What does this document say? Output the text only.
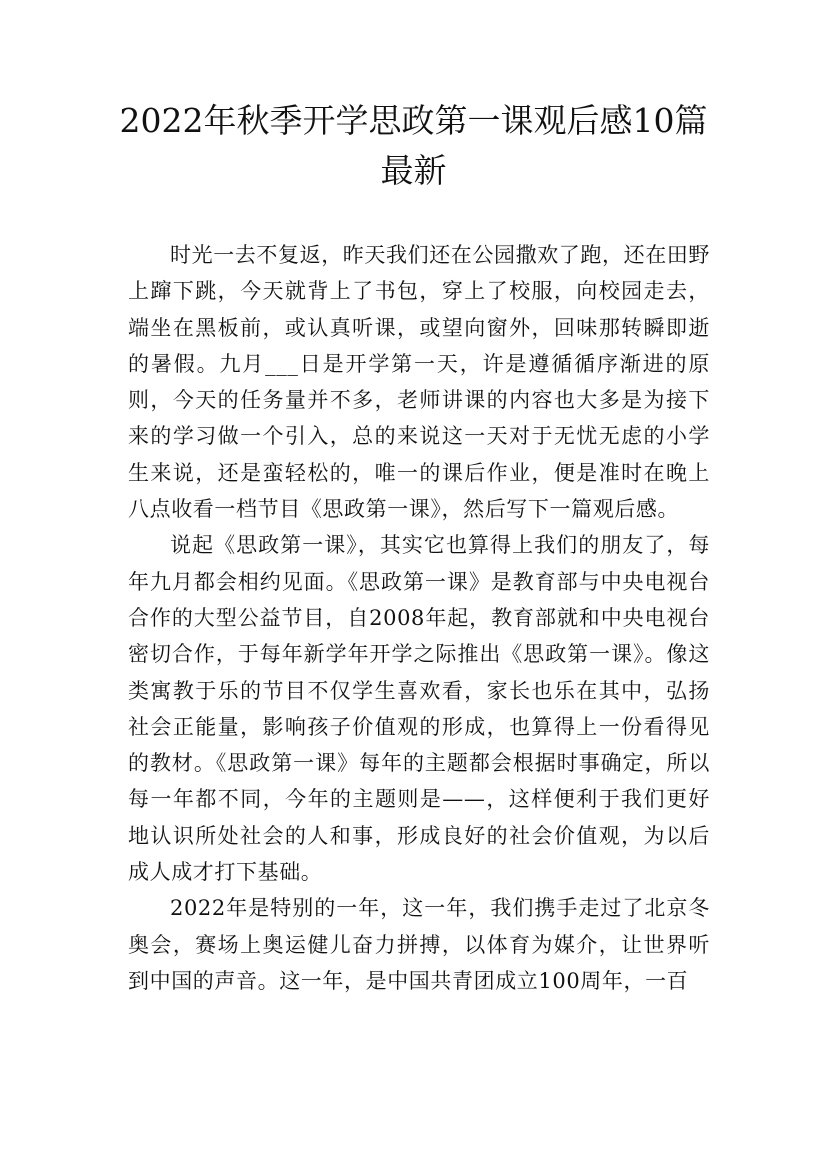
2022年秋季开学思政第一课观后感10篇最新

时光一去不复返，昨天我们还在公园撒欢了跑，还在田野上蹿下跳，今天就背上了书包，穿上了校服，向校园走去，端坐在黑板前，或认真听课，或望向窗外，回味那转瞬即逝的暑假。九月___日是开学第一天，许是遵循循序渐进的原则，今天的任务量并不多，老师讲课的内容也大多是为接下来的学习做一个引入，总的来说这一天对于无忧无虑的小学生来说，还是蛮轻松的，唯一的课后作业，便是准时在晚上八点收看一档节目《思政第一课》，然后写下一篇观后感。

说起《思政第一课》，其实它也算得上我们的朋友了，每年九月都会相约见面。《思政第一课》是教育部与中央电视台合作的大型公益节目，自2008年起，教育部就和中央电视台密切合作，于每年新学年开学之际推出《思政第一课》。像这类寓教于乐的节目不仅学生喜欢看，家长也乐在其中，弘扬社会正能量，影响孩子价值观的形成，也算得上一份看得见的教材。《思政第一课》每年的主题都会根据时事确定，所以每一年都不同，今年的主题则是——，这样便利于我们更好地认识所处社会的人和事，形成良好的社会价值观，为以后成人成才打下基础。

2022年是特别的一年，这一年，我们携手走过了北京冬奥会，赛场上奥运健儿奋力拼搏，以体育为媒介，让世界听到中国的声音。这一年，是中国共青团成立100周年，一百
